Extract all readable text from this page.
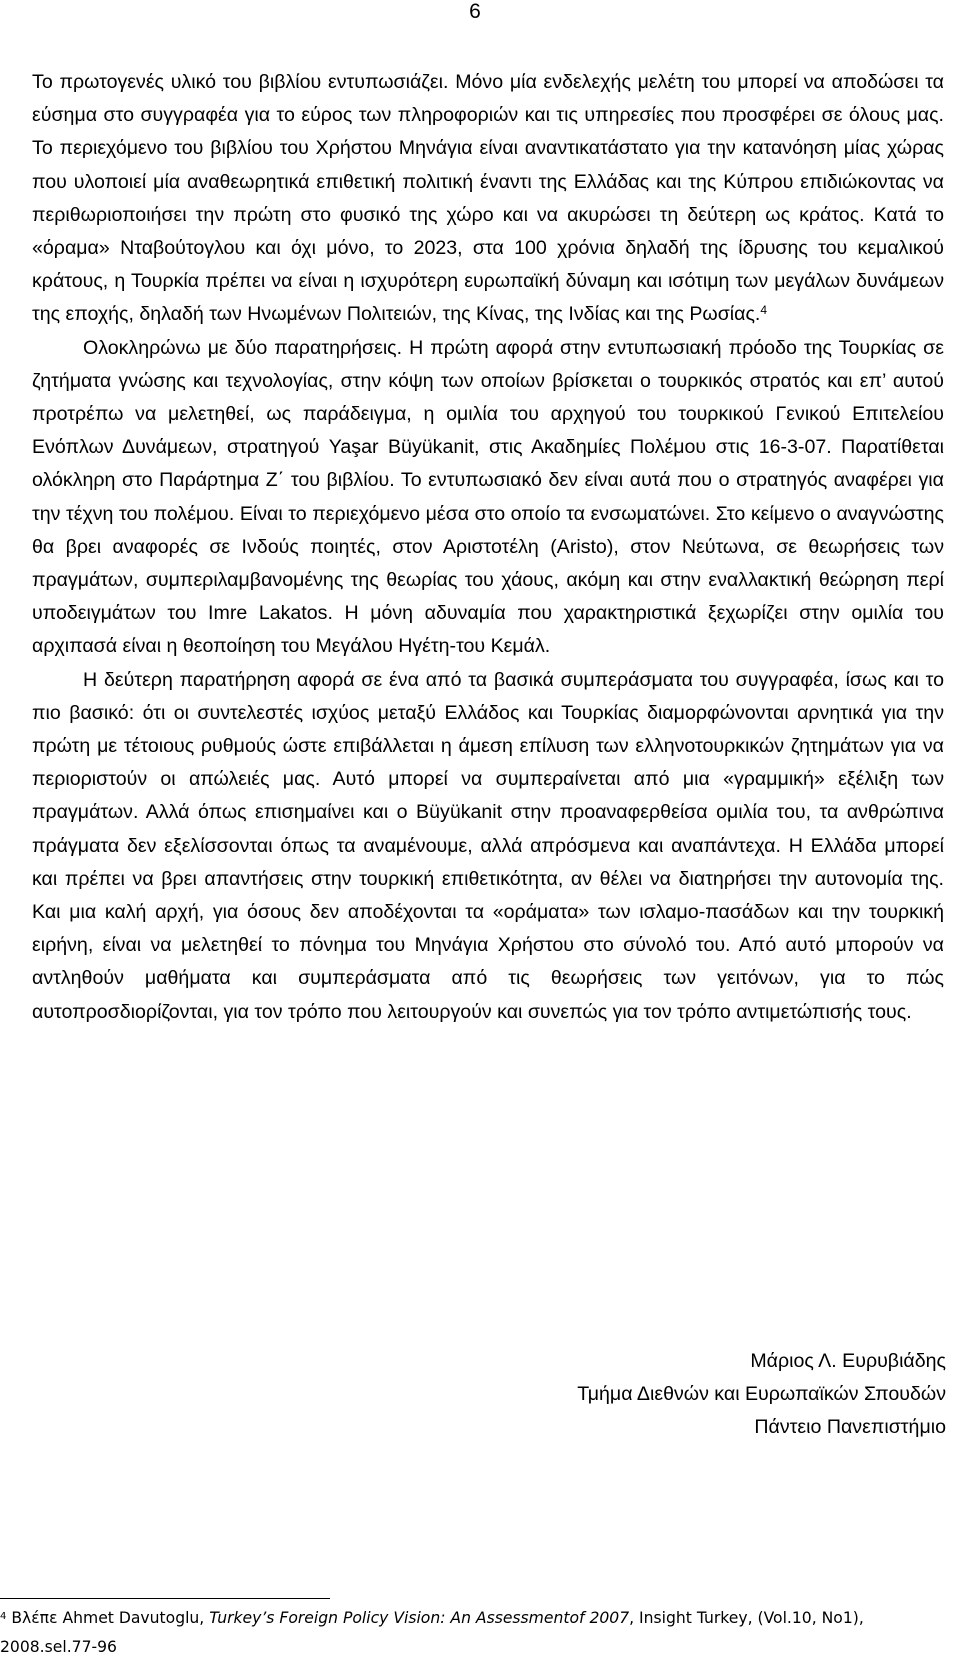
6

Το πρωτογενές υλικό του βιβλίου εντυπωσιάζει. Μόνο μία ενδελεχής μελέτη του μπορεί να αποδώσει τα εύσημα στο συγγραφέα για το εύρος των πληροφοριών και τις υπηρεσίες που προσφέρει σε όλους μας. Το περιεχόμενο του βιβλίου του Χρήστου Μηνάγια είναι αναντικατάστατο για την κατανόηση μίας χώρας που υλοποιεί μία αναθεωρητικά επιθετική πολιτική έναντι της Ελλάδας και της Κύπρου επιδιώκοντας να περιθωριοποιήσει την πρώτη στο φυσικό της χώρο και να ακυρώσει τη δεύτερη ως κράτος. Κατά το «όραμα» Νταβούτογλου και όχι μόνο, το 2023, στα 100 χρόνια δηλαδή της ίδρυσης του κεμαλικού κράτους, η Τουρκία πρέπει να είναι η ισχυρότερη ευρωπαϊκή δύναμη και ισότιμη των μεγάλων δυνάμεων της εποχής, δηλαδή των Ηνωμένων Πολιτειών, της Κίνας, της Ινδίας και της Ρωσίας.$^4$

Ολοκληρώνω με δύο παρατηρήσεις. Η πρώτη αφορά στην εντυπωσιακή πρόοδο της Τουρκίας σε ζητήματα γνώσης και τεχνολογίας, στην κόψη των οποίων βρίσκεται ο τουρκικός στρατός και επ’ αυτού προτρέπω να μελετηθεί, ως παράδειγμα, η ομιλία του αρχηγού του τουρκικού Γενικού Επιτελείου Ενόπλων Δυνάμεων, στρατηγού Yaşar Büyükanit, στις Ακαδημίες Πολέμου στις 16-3-07. Παρατίθεται ολόκληρη στο Παράρτημα Ζ΄ του βιβλίου. Το εντυπωσιακό δεν είναι αυτά που ο στρατηγός αναφέρει για την τέχνη του πολέμου. Είναι το περιεχόμενο μέσα στο οποίο τα ενσωματώνει. Στο κείμενο ο αναγνώστης θα βρει αναφορές σε Ινδούς ποιητές, στον Αριστοτέλη (Aristo), στον Νεύτωνα, σε θεωρήσεις των πραγμάτων, συμπεριλαμβανομένης της θεωρίας του χάους, ακόμη και στην εναλλακτική θεώρηση περί υποδειγμάτων του Imre Lakatos. Η μόνη αδυναμία που χαρακτηριστικά ξεχωρίζει στην ομιλία του αρχιπασά είναι η θεοποίηση του Μεγάλου Ηγέτη-του Κεμάλ.

Η δεύτερη παρατήρηση αφορά σε ένα από τα βασικά συμπεράσματα του συγγραφέα, ίσως και το πιο βασικό: ότι οι συντελεστές ισχύος μεταξύ Ελλάδος και Τουρκίας διαμορφώνονται αρνητικά για την πρώτη με τέτοιους ρυθμούς ώστε επιβάλλεται η άμεση επίλυση των ελληνοτουρκικών ζητημάτων για να περιοριστούν οι απώλειές μας. Αυτό μπορεί να συμπεραίνεται από μια «γραμμική» εξέλιξη των πραγμάτων. Αλλά όπως επισημαίνει και ο Büyükanit στην προαναφερθείσα ομιλία του, τα ανθρώπινα πράγματα δεν εξελίσσονται όπως τα αναμένουμε, αλλά απρόσμενα και αναπάντεχα. Η Ελλάδα μπορεί και πρέπει να βρει απαντήσεις στην τουρκική επιθετικότητα, αν θέλει να διατηρήσει την αυτονομία της. Και μια καλή αρχή, για όσους δεν αποδέχονται τα «οράματα» των ισλαμο-πασάδων και την τουρκική ειρήνη, είναι να μελετηθεί το πόνημα του Μηνάγια Χρήστου στο σύνολό του. Από αυτό μπορούν να αντληθούν μαθήματα και συμπεράσματα από τις θεωρήσεις των γειτόνων, για το πώς αυτοπροσδιορίζονται, για τον τρόπο που λειτουργούν και συνεπώς για τον τρόπο αντιμετώπισής τους.

Μάριος Λ. Ευρυβιάδης
Τμήμα Διεθνών και Ευρωπαϊκών Σπουδών
Πάντειο Πανεπιστήμιο
$^4$ Βλέπε Ahmet Davutoglu, Turkey’s Foreign Policy Vision: An Assessmentof 2007, Insight Turkey, (Vol.10, No1), 2008.sel.77-96
